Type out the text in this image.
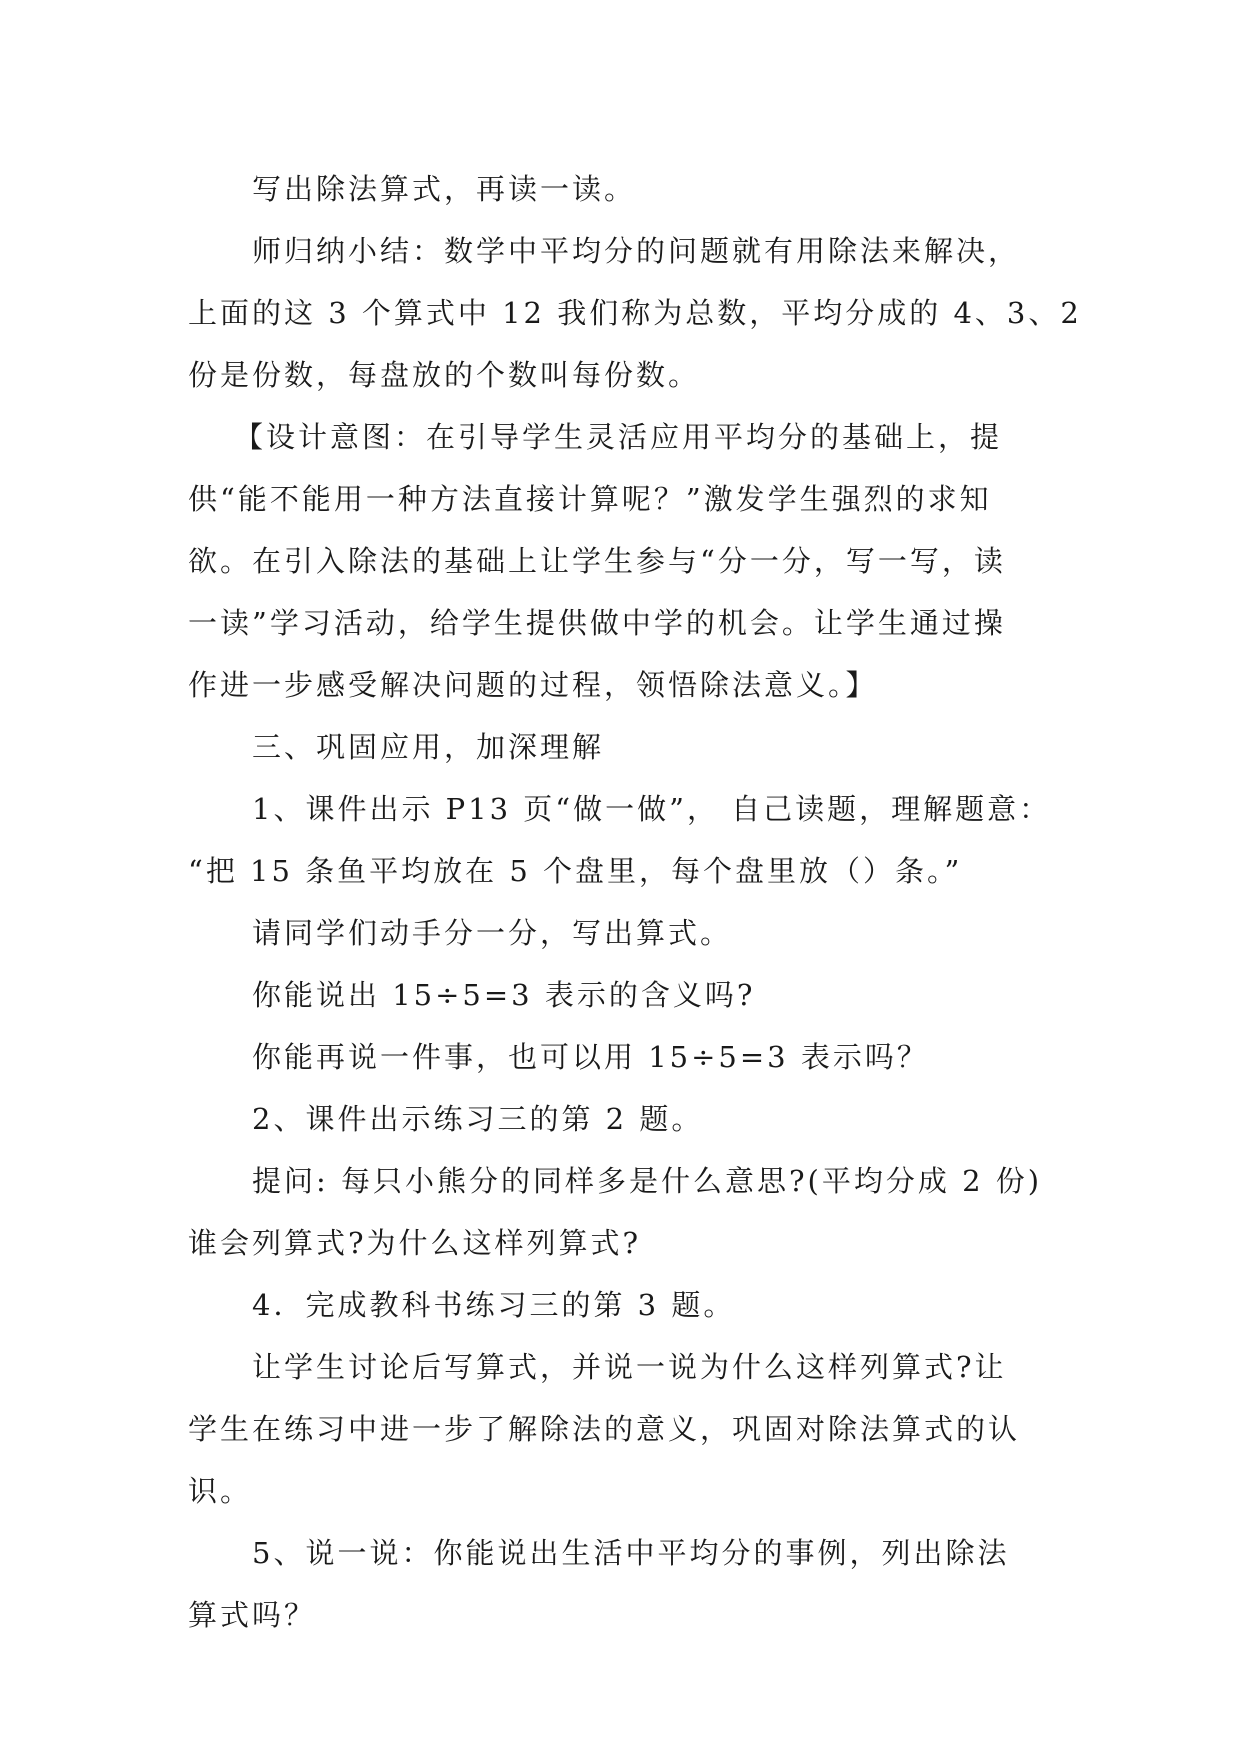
写出除法算式，再读一读。
师归纳小结：数学中平均分的问题就有用除法来解决，
上面的这 3 个算式中 12 我们称为总数，平均分成的 4、3、2
份是份数，每盘放的个数叫每份数。
【设计意图：在引导学生灵活应用平均分的基础上，提
供“能不能用一种方法直接计算呢？”激发学生强烈的求知
欲。在引入除法的基础上让学生参与“分一分，写一写，读
一读”学习活动，给学生提供做中学的机会。让学生通过操
作进一步感受解决问题的过程，领悟除法意义。】
三、巩固应用，加深理解
1、课件出示 P13 页“做一做”， 自己读题，理解题意：
“把 15 条鱼平均放在 5 个盘里，每个盘里放（）条。”
请同学们动手分一分，写出算式。
你能说出 15÷5=3 表示的含义吗?
你能再说一件事，也可以用 15÷5=3 表示吗？
2、课件出示练习三的第 2 题。
提问: 每只小熊分的同样多是什么意思?(平均分成 2 份)
谁会列算式?为什么这样列算式?
4．完成教科书练习三的第 3 题。
让学生讨论后写算式，并说一说为什么这样列算式?让
学生在练习中进一步了解除法的意义，巩固对除法算式的认
识。
5、说一说：你能说出生活中平均分的事例，列出除法
算式吗？
